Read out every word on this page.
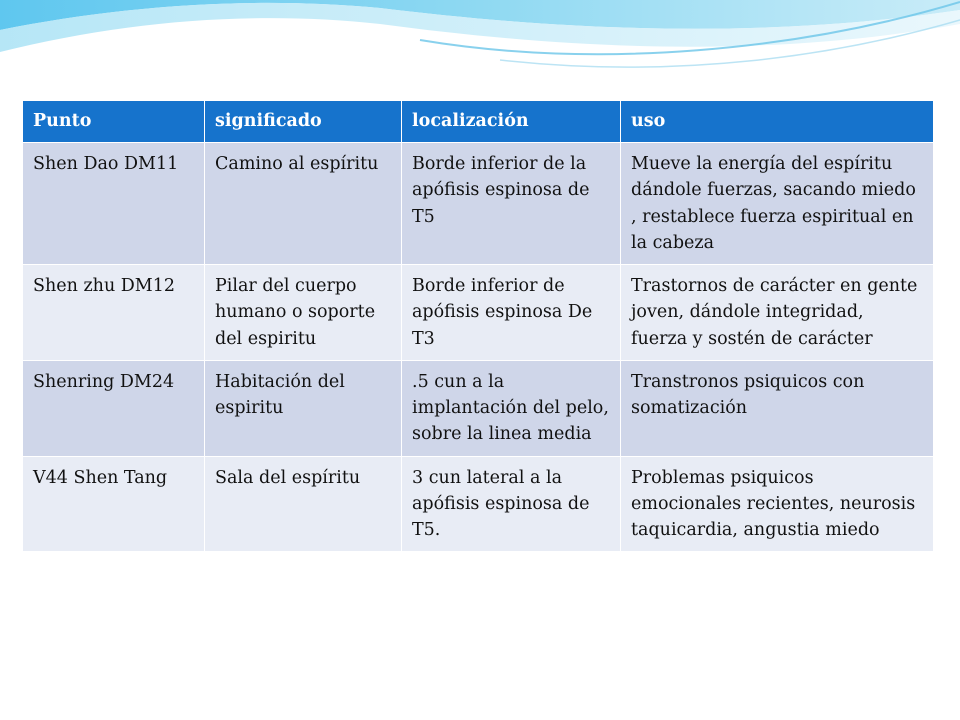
Punto	significado	localización	uso
Shen Dao DM11	Camino al espíritu	Borde inferior de la apófisis espinosa de T5	Mueve la energía del espíritu dándole fuerzas, sacando miedo , restablece fuerza espiritual en la cabeza
Shen zhu DM12	Pilar del cuerpo humano o soporte del espiritu	Borde inferior de apófisis espinosa De T3	Trastornos de carácter en gente joven, dándole integridad, fuerza y sostén de carácter
Shenring DM24	Habitación del espiritu	.5 cun a la implantación del pelo, sobre la linea media	Transtronos psiquicos con somatización
V44 Shen Tang	Sala del espíritu	3 cun lateral a la apófisis espinosa de T5.	Problemas psiquicos emocionales recientes, neurosis taquicardia, angustia miedo
